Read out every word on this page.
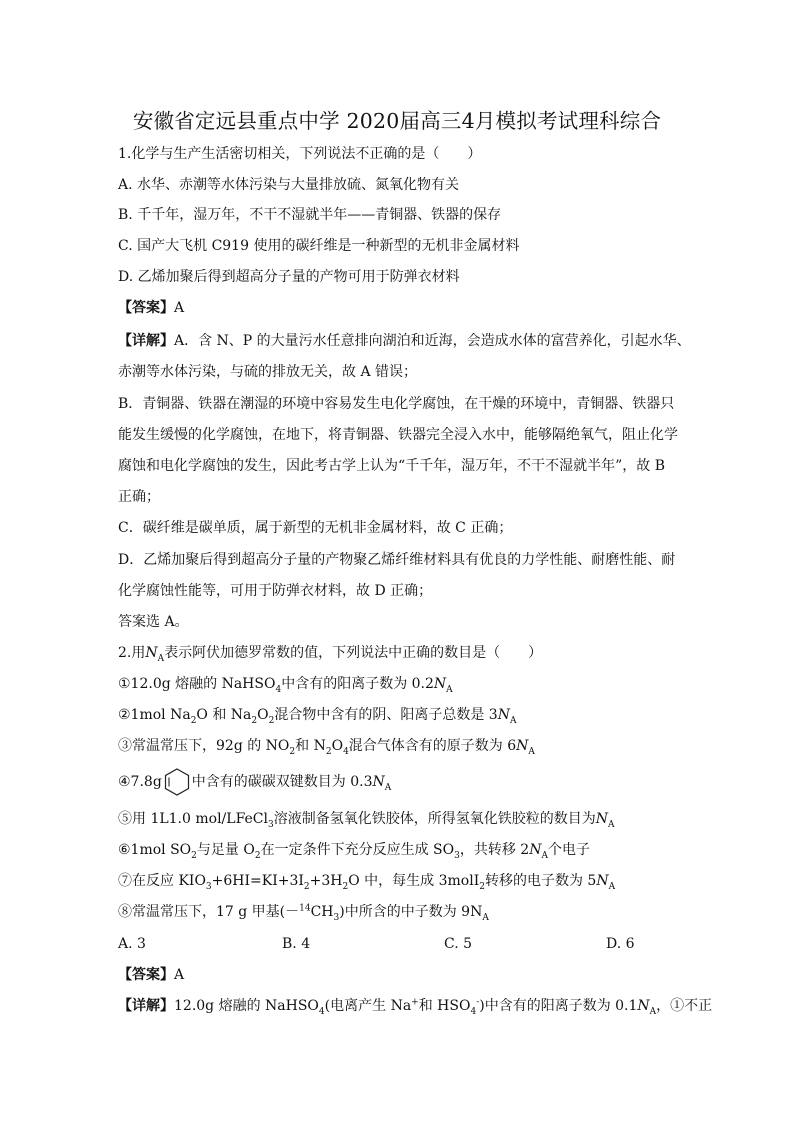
安徽省定远县重点中学 2020届高三4月模拟考试理科综合
1.化学与生产生活密切相关，下列说法不正确的是（　　）
A. 水华、赤潮等水体污染与大量排放硫、氮氧化物有关
B. 千千年，湿万年，不干不湿就半年——青铜器、铁器的保存
C. 国产大飞机 C919 使用的碳纤维是一种新型的无机非金属材料
D. 乙烯加聚后得到超高分子量的产物可用于防弹衣材料
【答案】A
【详解】A．含 N、P 的大量污水任意排向湖泊和近海，会造成水体的富营养化，引起水华、
赤潮等水体污染，与硫的排放无关，故 A 错误；
B．青铜器、铁器在潮湿的环境中容易发生电化学腐蚀，在干燥的环境中，青铜器、铁器只
能发生缓慢的化学腐蚀，在地下，将青铜器、铁器完全浸入水中，能够隔绝氧气，阻止化学
腐蚀和电化学腐蚀的发生，因此考古学上认为“千千年，湿万年，不干不湿就半年”，故 B
正确；
C．碳纤维是碳单质，属于新型的无机非金属材料，故 C 正确；
D．乙烯加聚后得到超高分子量的产物聚乙烯纤维材料具有优良的力学性能、耐磨性能、耐
化学腐蚀性能等，可用于防弹衣材料，故 D 正确；
答案选 A。
2.用$N_A$表示阿伏加德罗常数的值，下列说法中正确的数目是（　　）
①12.0g 熔融的 NaHSO$_4$中含有的阳离子数为 $0.2N_A$
②1mol $Na_2O$ 和 $Na_2O_2$混合物中含有的阴、阳离子总数是 $3N_A$
③常温常压下，92g 的 $NO_2$和 $N_2O_4$混合气体含有的原子数为 $6N_A$
④7.8g 中含有的碳碳双键数目为 $0.3N_A$
⑤用 1L1.0 mol/LFeCl$_3$溶液制备氢氧化铁胶体，所得氢氧化铁胶粒的数目为$N_A$
⑥1mol $SO_2$与足量 $O_2$在一定条件下充分反应生成 $SO_3$，共转移 $2N_A$个电子
⑦在反应 $KIO_3+6HI=KI+3I_2+3H_2O$ 中，每生成 3molI$_2$转移的电子数为 $5N_A$
⑧常温常压下，17 g 甲基$(-^{14}CH_3)$中所含的中子数为 $9N_A$
A. 3	B. 4	C. 5	D. 6
【答案】A
【详解】12.0g 熔融的 NaHSO$_4$(电离产生 Na+和 $HSO_4^-$)中含有的阳离子数为 $0.1N_A$，①不正
